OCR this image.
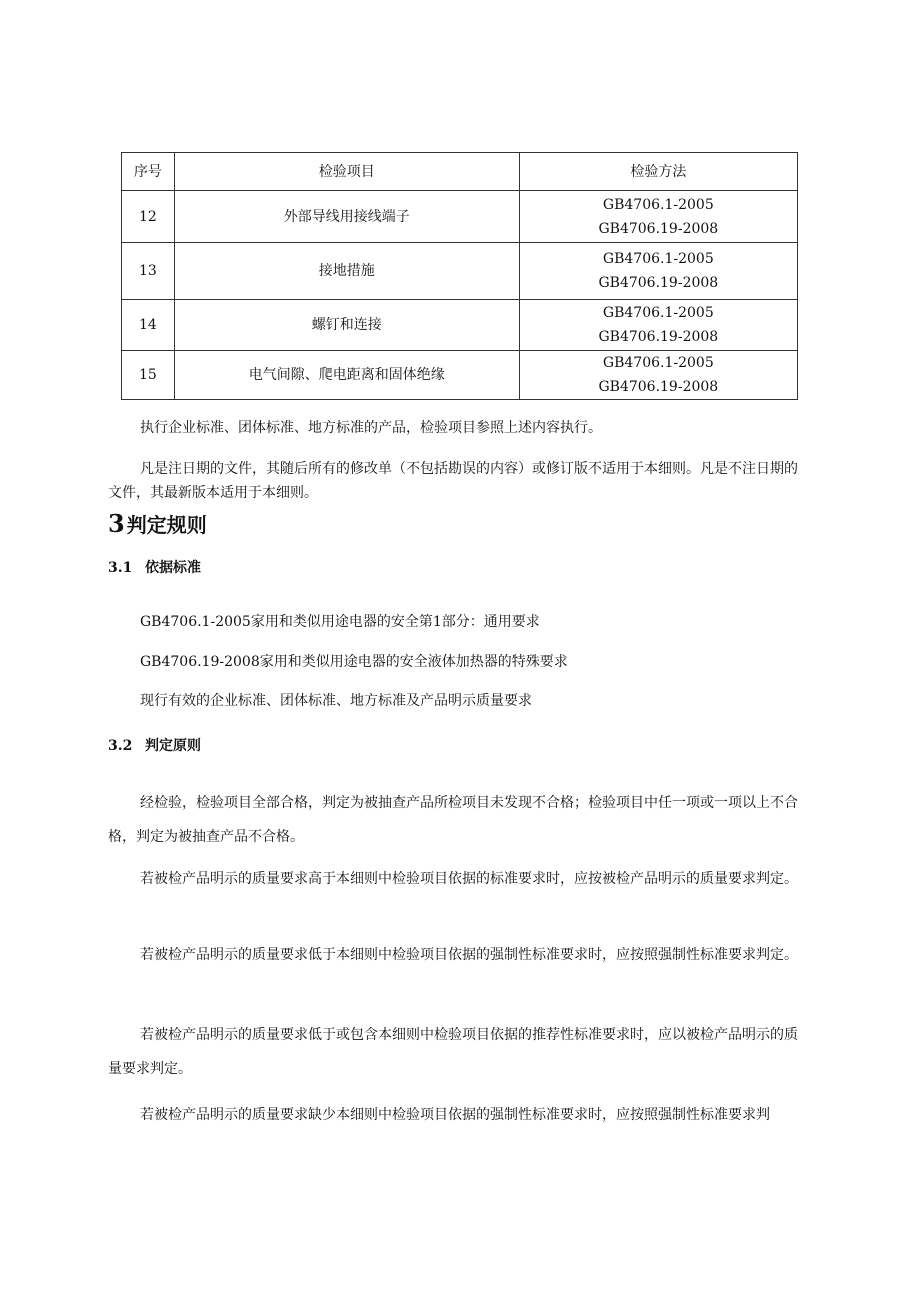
序号	检验项目	检验方法
12	外部导线用接线端子	GB4706.1-2005
GB4706.19-2008

13	接地措施	GB4706.1-2005
GB4706.19-2008

14	螺钉和连接	GB4706.1-2005
GB4706.19-2008

15	电气间隙、爬电距离和固体绝缘	GB4706.1-2005
GB4706.19-2008

执行企业标准、团体标准、地方标准的产品，检验项目参照上述内容执行。

凡是注日期的文件，其随后所有的修改单（不包括勘误的内容）或修订版不适用于本细则。凡是不注日期的文件，其最新版本适用于本细则。

3 判定规则
3.1 依据标准

GB4706.1-2005家用和类似用途电器的安全第1部分：通用要求

GB4706.19-2008家用和类似用途电器的安全液体加热器的特殊要求

现行有效的企业标准、团体标准、地方标准及产品明示质量要求

3.2 判定原则

经检验，检验项目全部合格，判定为被抽查产品所检项目未发现不合格；检验项目中任一项或一项以上不合格，判定为被抽查产品不合格。

若被检产品明示的质量要求高于本细则中检验项目依据的标准要求时，应按被检产品明示的质量要求判定。

若被检产品明示的质量要求低于本细则中检验项目依据的强制性标准要求时，应按照强制性标准要求判定。

若被检产品明示的质量要求低于或包含本细则中检验项目依据的推荐性标准要求时，应以被检产品明示的质量要求判定。

若被检产品明示的质量要求缺少本细则中检验项目依据的强制性标准要求时，应按照强制性标准要求判
